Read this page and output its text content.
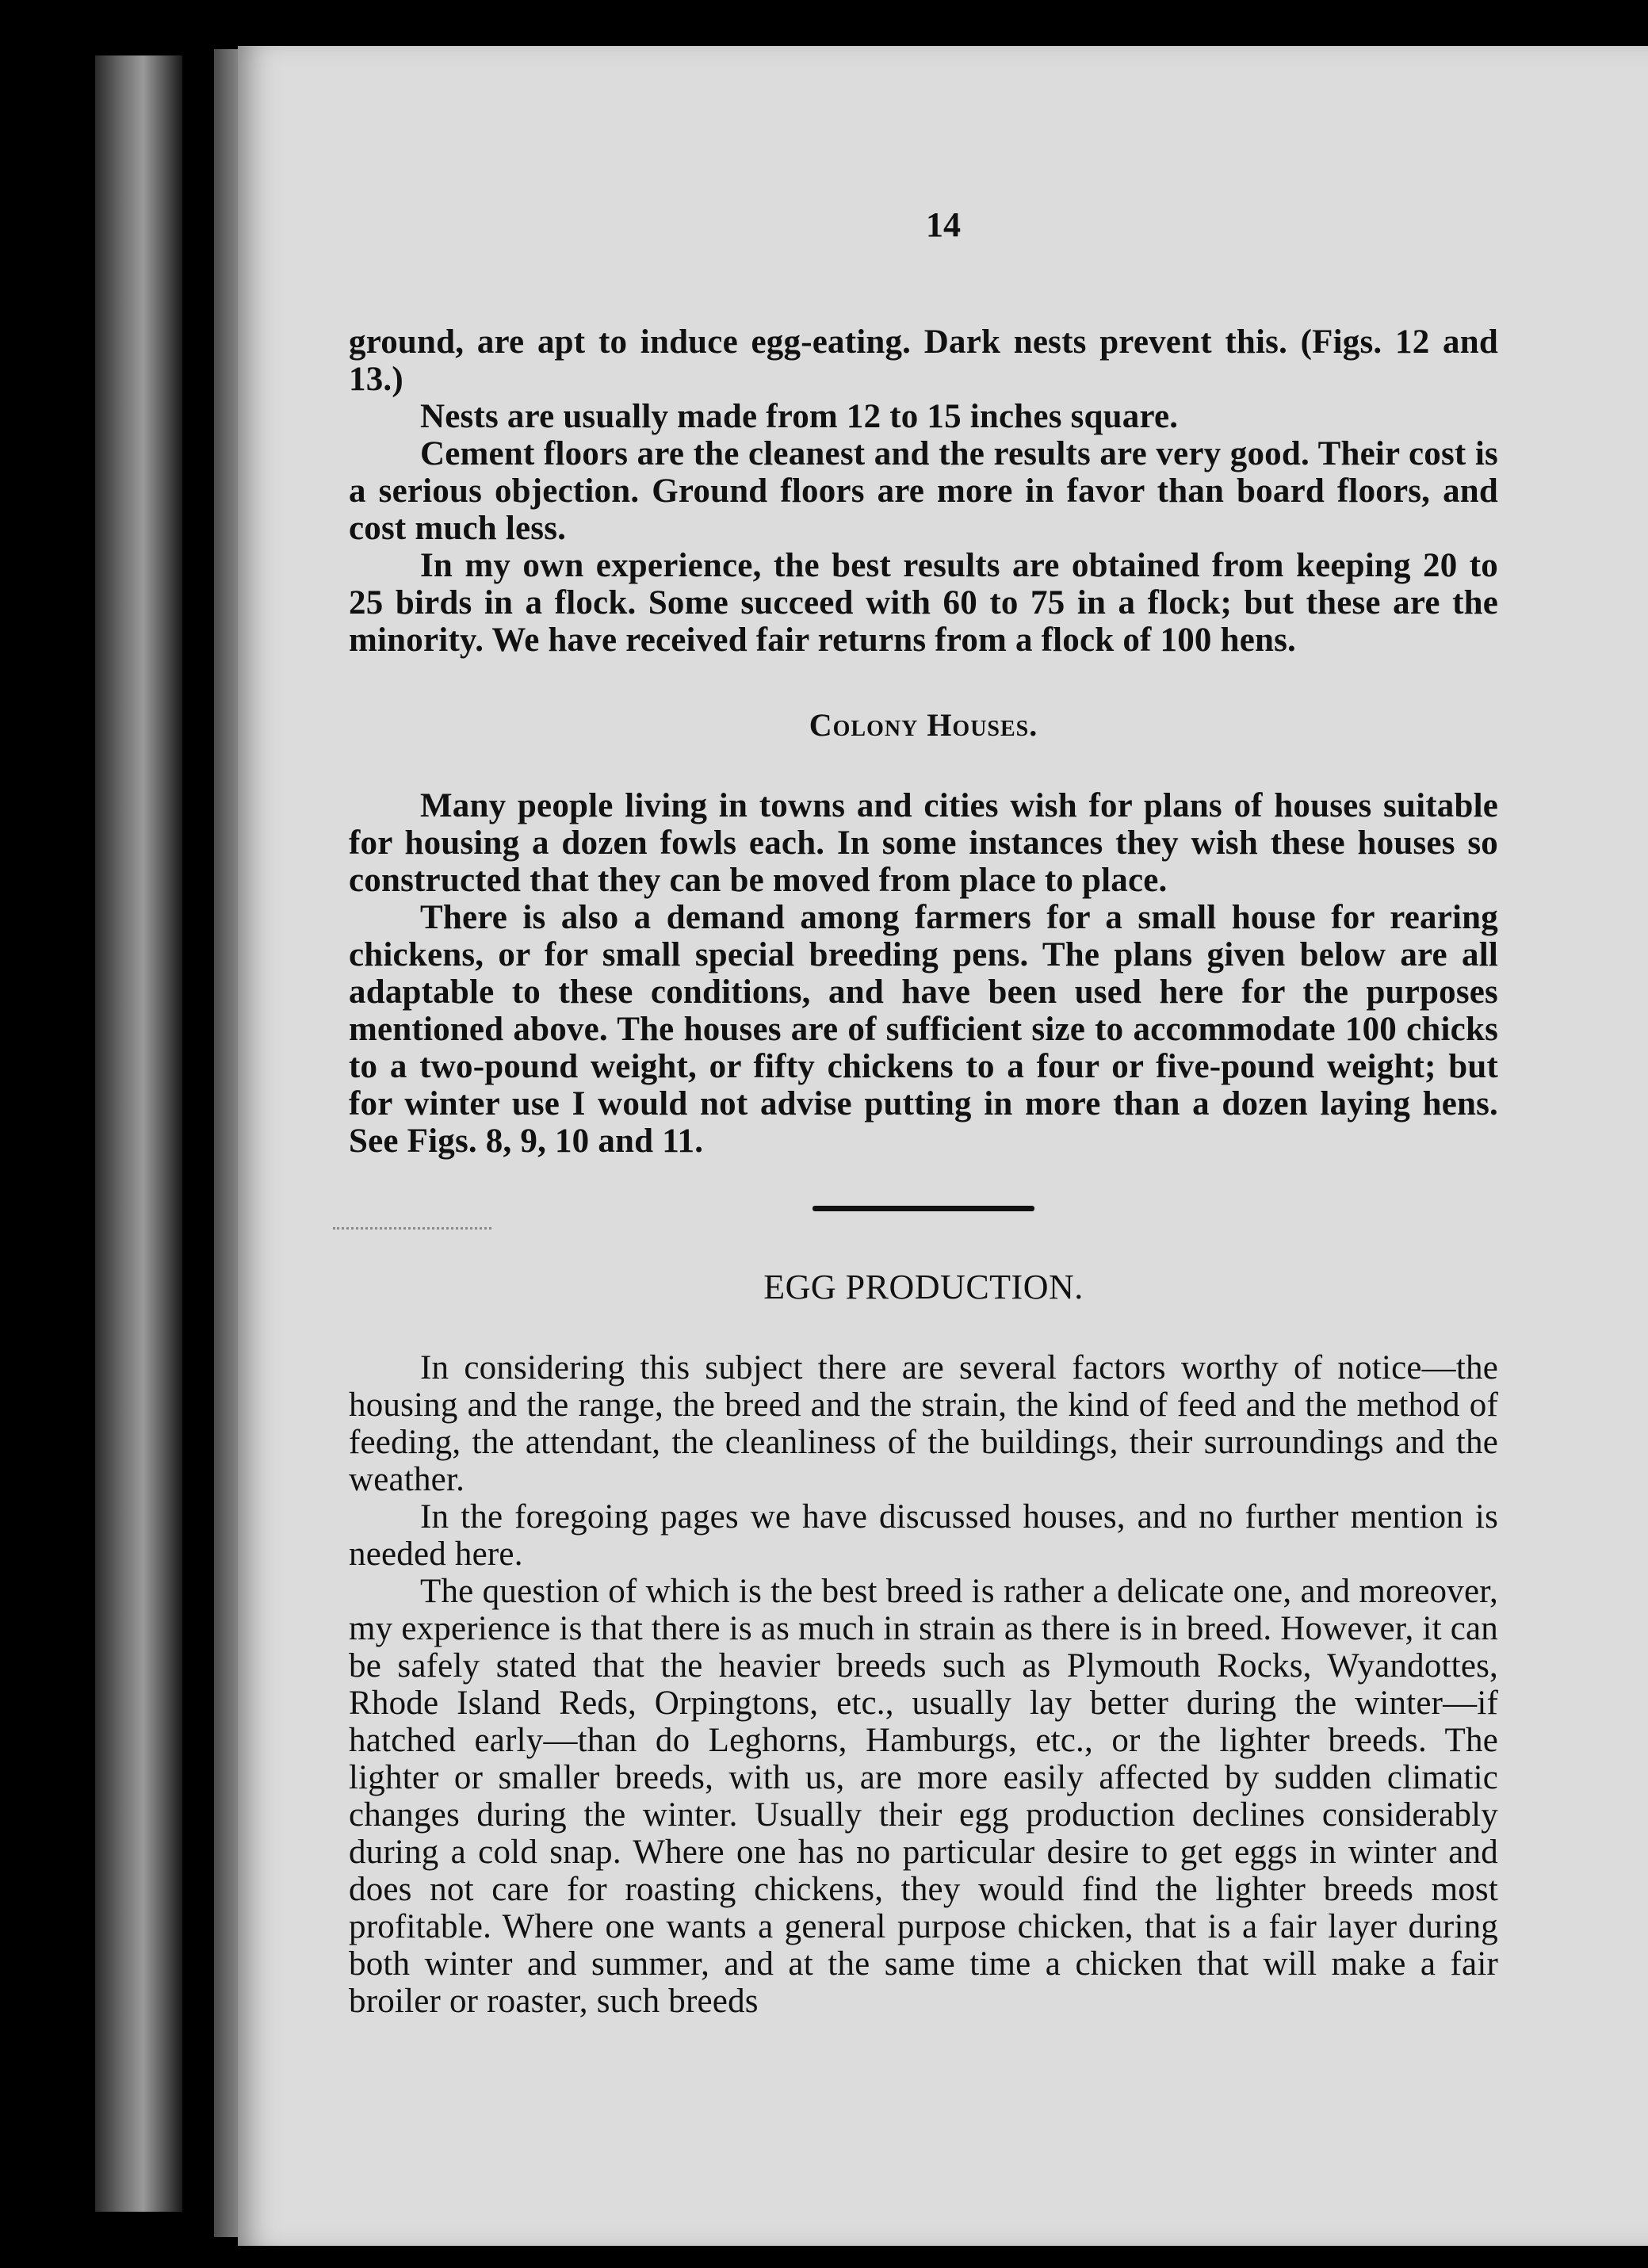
14

ground, are apt to induce egg-eating. Dark nests prevent this. (Figs. 12 and 13.)

Nests are usually made from 12 to 15 inches square.

Cement floors are the cleanest and the results are very good. Their cost is a serious objection. Ground floors are more in favor than board floors, and cost much less.

In my own experience, the best results are obtained from keeping 20 to 25 birds in a flock. Some succeed with 60 to 75 in a flock; but these are the minority. We have received fair returns from a flock of 100 hens.

Colony Houses.

Many people living in towns and cities wish for plans of houses suitable for housing a dozen fowls each. In some instances they wish these houses so constructed that they can be moved from place to place.

There is also a demand among farmers for a small house for rearing chickens, or for small special breeding pens. The plans given below are all adaptable to these conditions, and have been used here for the purposes mentioned above. The houses are of sufficient size to accommodate 100 chicks to a two-pound weight, or fifty chickens to a four or five-pound weight; but for winter use I would not advise putting in more than a dozen laying hens. See Figs. 8, 9, 10 and 11.

EGG PRODUCTION.

In considering this subject there are several factors worthy of notice—the housing and the range, the breed and the strain, the kind of feed and the method of feeding, the attendant, the cleanliness of the buildings, their surroundings and the weather.

In the foregoing pages we have discussed houses, and no further mention is needed here.

The question of which is the best breed is rather a delicate one, and moreover, my experience is that there is as much in strain as there is in breed. However, it can be safely stated that the heavier breeds such as Plymouth Rocks, Wyandottes, Rhode Island Reds, Orpingtons, etc., usually lay better during the winter—if hatched early—than do Leghorns, Hamburgs, etc., or the lighter breeds. The lighter or smaller breeds, with us, are more easily affected by sudden climatic changes during the winter. Usually their egg production declines considerably during a cold snap. Where one has no particular desire to get eggs in winter and does not care for roasting chickens, they would find the lighter breeds most profitable. Where one wants a general purpose chicken, that is a fair layer during both winter and summer, and at the same time a chicken that will make a fair broiler or roaster, such breeds
